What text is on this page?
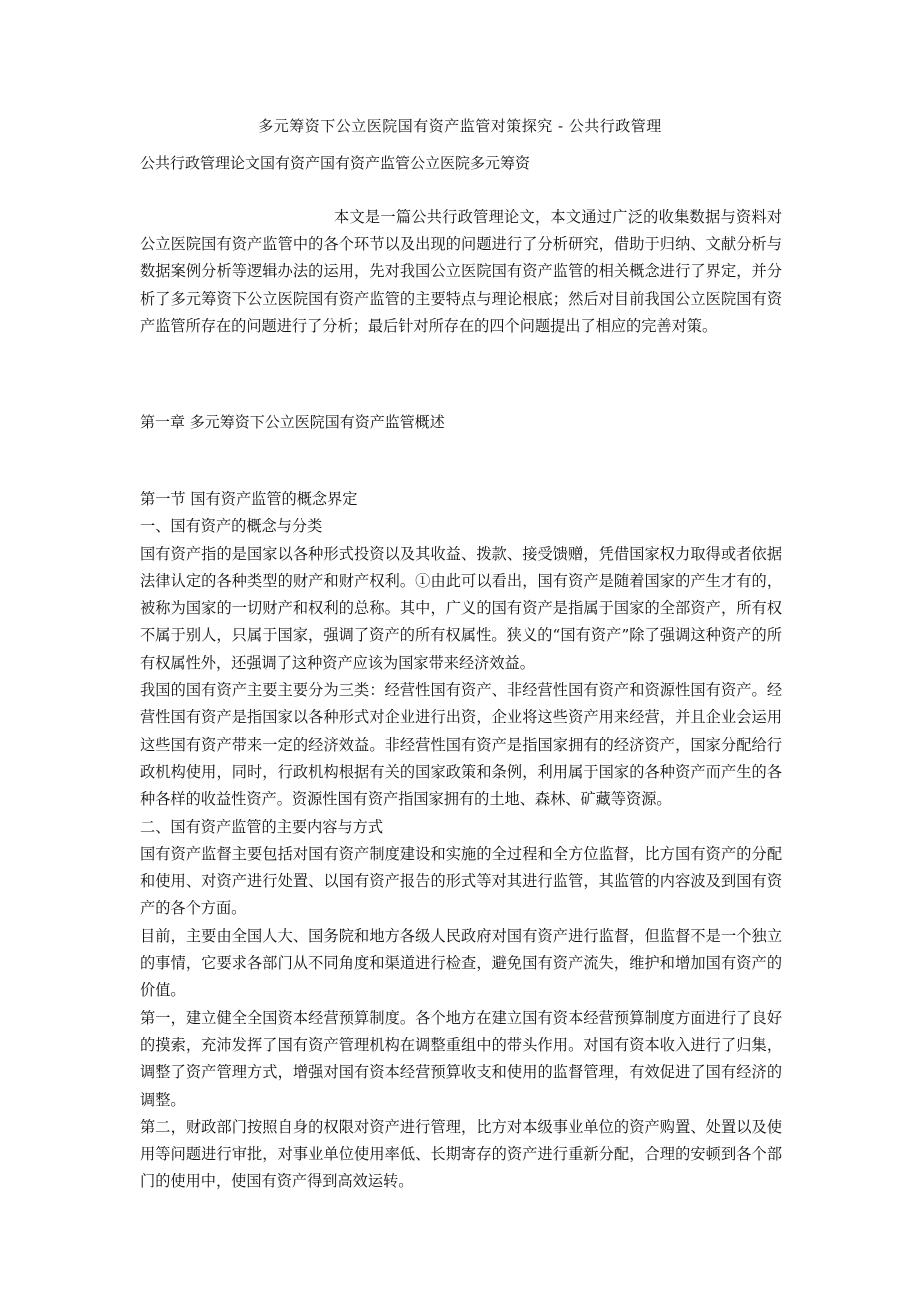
多元筹资下公立医院国有资产监管对策探究 - 公共行政管理
公共行政管理论文国有资产国有资产监管公立医院多元筹资

本文是一篇公共行政管理论文，本文通过广泛的收集数据与资料对公立医院国有资产监管中的各个环节以及出现的问题进行了分析研究，借助于归纳、文献分析与数据案例分析等逻辑办法的运用，先对我国公立医院国有资产监管的相关概念进行了界定，并分析了多元筹资下公立医院国有资产监管的主要特点与理论根底；然后对目前我国公立医院国有资产监管所存在的问题进行了分析；最后针对所存在的四个问题提出了相应的完善对策。

第一章 多元筹资下公立医院国有资产监管概述

第一节 国有资产监管的概念界定

一、国有资产的概念与分类

国有资产指的是国家以各种形式投资以及其收益、拨款、接受馈赠，凭借国家权力取得或者依据法律认定的各种类型的财产和财产权利。①由此可以看出，国有资产是随着国家的产生才有的，被称为国家的一切财产和权利的总称。其中，广义的国有资产是指属于国家的全部资产，所有权不属于别人，只属于国家，强调了资产的所有权属性。狭义的“国有资产”除了强调这种资产的所有权属性外，还强调了这种资产应该为国家带来经济效益。

我国的国有资产主要主要分为三类：经营性国有资产、非经营性国有资产和资源性国有资产。经营性国有资产是指国家以各种形式对企业进行出资，企业将这些资产用来经营，并且企业会运用这些国有资产带来一定的经济效益。非经营性国有资产是指国家拥有的经济资产，国家分配给行政机构使用，同时，行政机构根据有关的国家政策和条例，利用属于国家的各种资产而产生的各种各样的收益性资产。资源性国有资产指国家拥有的土地、森林、矿藏等资源。

二、国有资产监管的主要内容与方式

国有资产监督主要包括对国有资产制度建设和实施的全过程和全方位监督，比方国有资产的分配和使用、对资产进行处置、以国有资产报告的形式等对其进行监管，其监管的内容波及到国有资产的各个方面。

目前，主要由全国人大、国务院和地方各级人民政府对国有资产进行监督，但监督不是一个独立的事情，它要求各部门从不同角度和渠道进行检查，避免国有资产流失，维护和增加国有资产的价值。

第一，建立健全全国资本经营预算制度。各个地方在建立国有资本经营预算制度方面进行了良好的摸索，充沛发挥了国有资产管理机构在调整重组中的带头作用。对国有资本收入进行了归集，调整了资产管理方式，增强对国有资本经营预算收支和使用的监督管理，有效促进了国有经济的调整。

第二，财政部门按照自身的权限对资产进行管理，比方对本级事业单位的资产购置、处置以及使用等问题进行审批，对事业单位使用率低、长期寄存的资产进行重新分配，合理的安顿到各个部门的使用中，使国有资产得到高效运转。
